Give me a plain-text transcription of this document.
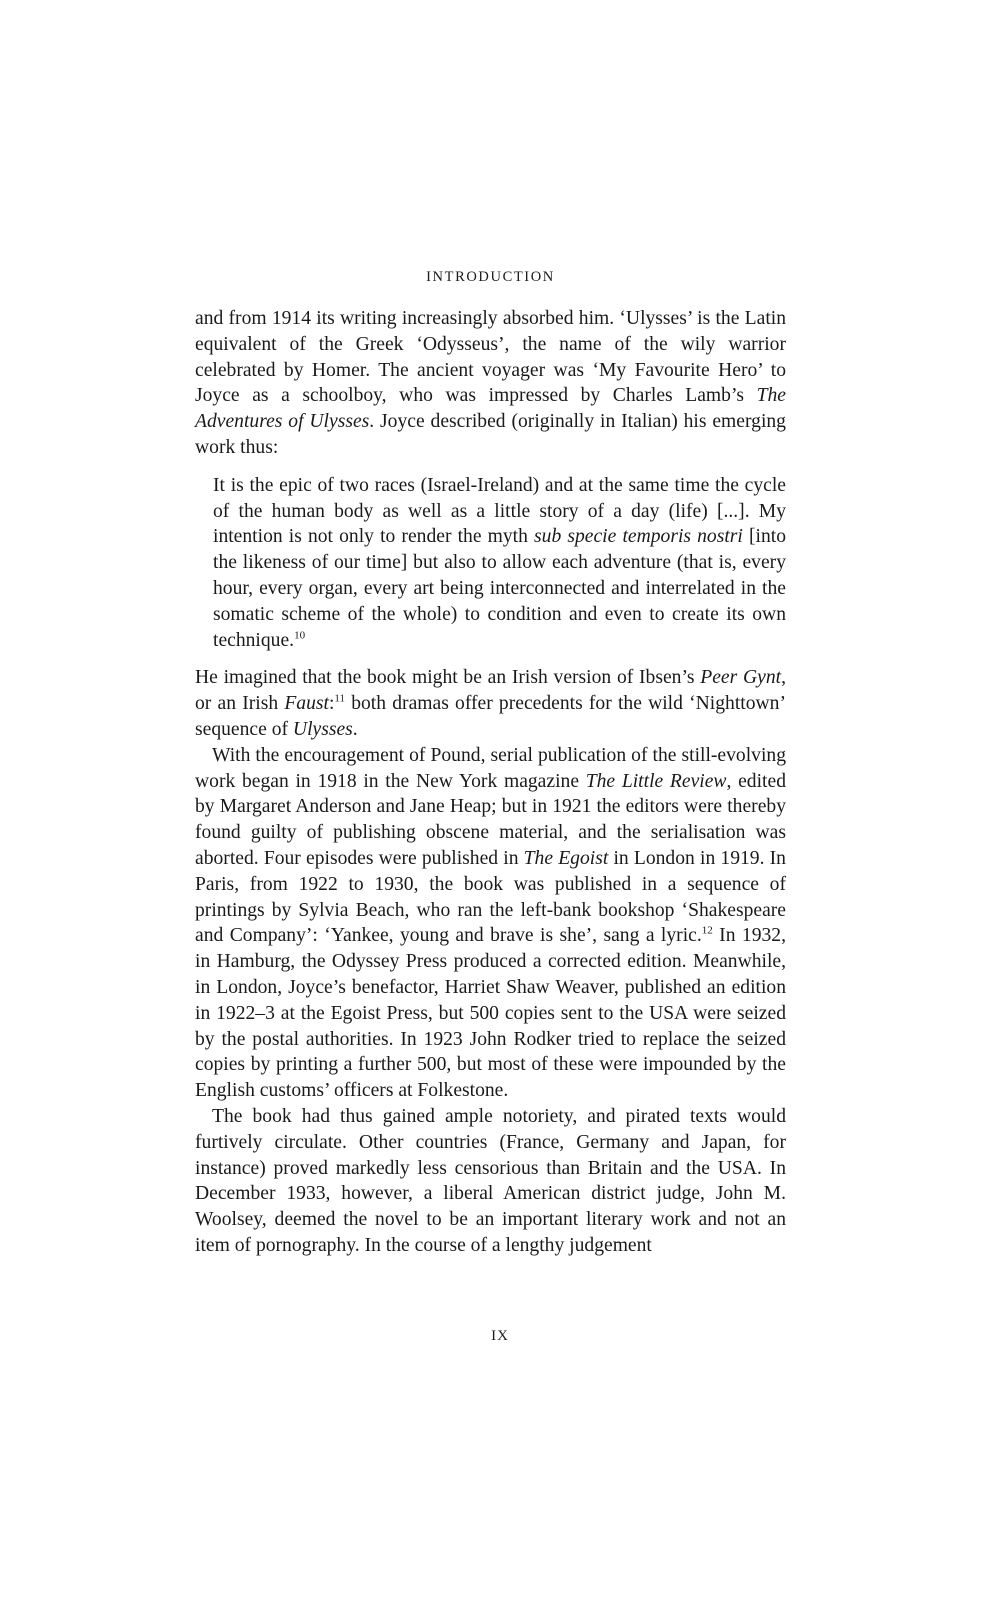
INTRODUCTION

and from 1914 its writing increasingly absorbed him. ‘Ulysses’ is the Latin equivalent of the Greek ‘Odysseus’, the name of the wily warrior celebrated by Homer. The ancient voyager was ‘My Favourite Hero’ to Joyce as a schoolboy, who was impressed by Charles Lamb’s The Adventures of Ulysses. Joyce described (originally in Italian) his emerging work thus:

It is the epic of two races (Israel-Ireland) and at the same time the cycle of the human body as well as a little story of a day (life) [...]. My intention is not only to render the myth sub specie temporis nostri [into the likeness of our time] but also to allow each adventure (that is, every hour, every organ, every art being interconnected and interrelated in the somatic scheme of the whole) to condition and even to create its own technique.$^{10}$

He imagined that the book might be an Irish version of Ibsen’s Peer Gynt, or an Irish Faust:$^{11}$ both dramas offer precedents for the wild ‘Nighttown’ sequence of Ulysses.

With the encouragement of Pound, serial publication of the still-evolving work began in 1918 in the New York magazine The Little Review, edited by Margaret Anderson and Jane Heap; but in 1921 the editors were thereby found guilty of publishing obscene material, and the serialisation was aborted. Four episodes were published in The Egoist in London in 1919. In Paris, from 1922 to 1930, the book was published in a sequence of printings by Sylvia Beach, who ran the left-bank bookshop ‘Shakespeare and Company’: ‘Yankee, young and brave is she’, sang a lyric.$^{12}$ In 1932, in Hamburg, the Odyssey Press produced a corrected edition. Meanwhile, in London, Joyce’s benefactor, Harriet Shaw Weaver, published an edition in 1922–3 at the Egoist Press, but 500 copies sent to the USA were seized by the postal authorities. In 1923 John Rodker tried to replace the seized copies by printing a further 500, but most of these were impounded by the English customs’ officers at Folkestone.

The book had thus gained ample notoriety, and pirated texts would furtively circulate. Other countries (France, Germany and Japan, for instance) proved markedly less censorious than Britain and the USA. In December 1933, however, a liberal American district judge, John M. Woolsey, deemed the novel to be an important literary work and not an item of pornography. In the course of a lengthy judgement

IX
